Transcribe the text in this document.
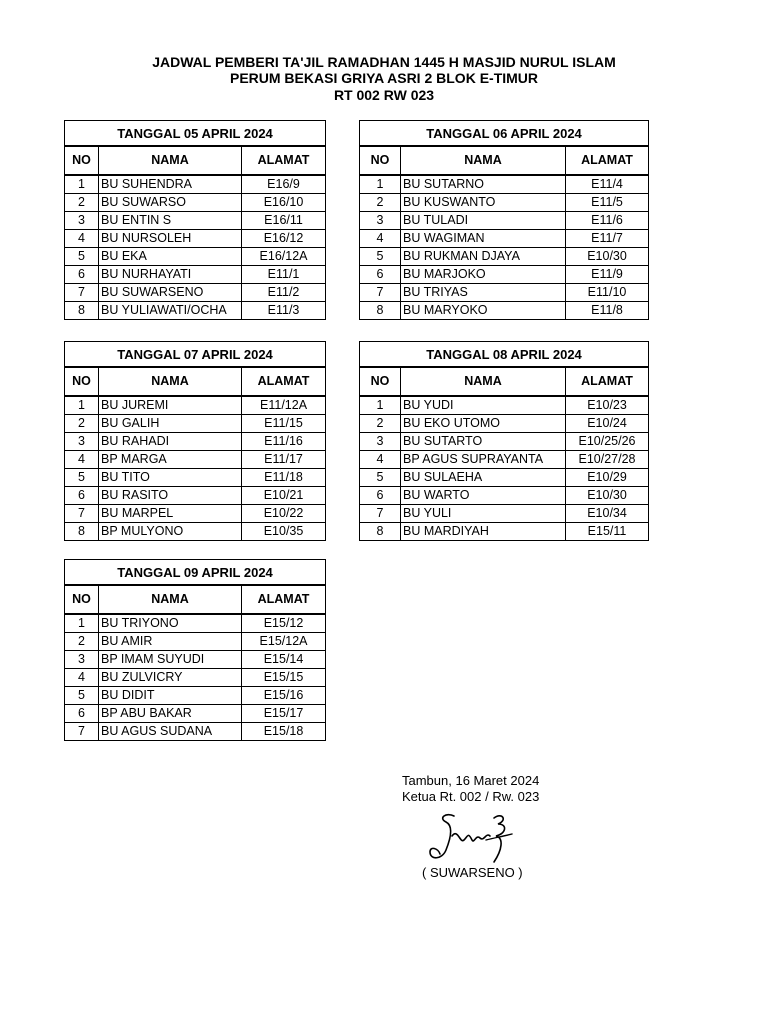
JADWAL PEMBERI TA'JIL RAMADHAN 1445 H MASJID NURUL ISLAM
PERUM BEKASI GRIYA ASRI 2 BLOK E-TIMUR
RT 002 RW 023
TANGGAL 05 APRIL 2024		
NO	NAMA	ALAMAT
1	BU SUHENDRA	E16/9
2	BU SUWARSO	E16/10
3	BU ENTIN S	E16/11
4	BU NURSOLEH	E16/12
5	BU EKA	E16/12A
6	BU NURHAYATI	E11/1
7	BU SUWARSENO	E11/2
8	BU YULIAWATI/OCHA	E11/3
TANGGAL 06 APRIL 2024		
NO	NAMA	ALAMAT
1	BU SUTARNO	E11/4
2	BU KUSWANTO	E11/5
3	BU TULADI	E11/6
4	BU WAGIMAN	E11/7
5	BU RUKMAN DJAYA	E10/30
6	BU MARJOKO	E11/9
7	BU TRIYAS	E11/10
8	BU MARYOKO	E11/8
TANGGAL 07 APRIL 2024		
NO	NAMA	ALAMAT
1	BU JUREMI	E11/12A
2	BU GALIH	E11/15
3	BU RAHADI	E11/16
4	BP MARGA	E11/17
5	BU TITO	E11/18
6	BU RASITO	E10/21
7	BU MARPEL	E10/22
8	BP MULYONO	E10/35
TANGGAL 08 APRIL 2024		
NO	NAMA	ALAMAT
1	BU YUDI	E10/23
2	BU EKO UTOMO	E10/24
3	BU SUTARTO	E10/25/26
4	BP AGUS SUPRAYANTA	E10/27/28
5	BU SULAEHA	E10/29
6	BU WARTO	E10/30
7	BU YULI	E10/34
8	BU MARDIYAH	E15/11
TANGGAL 09 APRIL 2024		
NO	NAMA	ALAMAT
1	BU TRIYONO	E15/12
2	BU AMIR	E15/12A
3	BP IMAM SUYUDI	E15/14
4	BU ZULVICRY	E15/15
5	BU DIDIT	E15/16
6	BP ABU BAKAR	E15/17
7	BU AGUS SUDANA	E15/18
Tambun, 16 Maret 2024
Ketua Rt. 002 / Rw. 023
( SUWARSENO )
